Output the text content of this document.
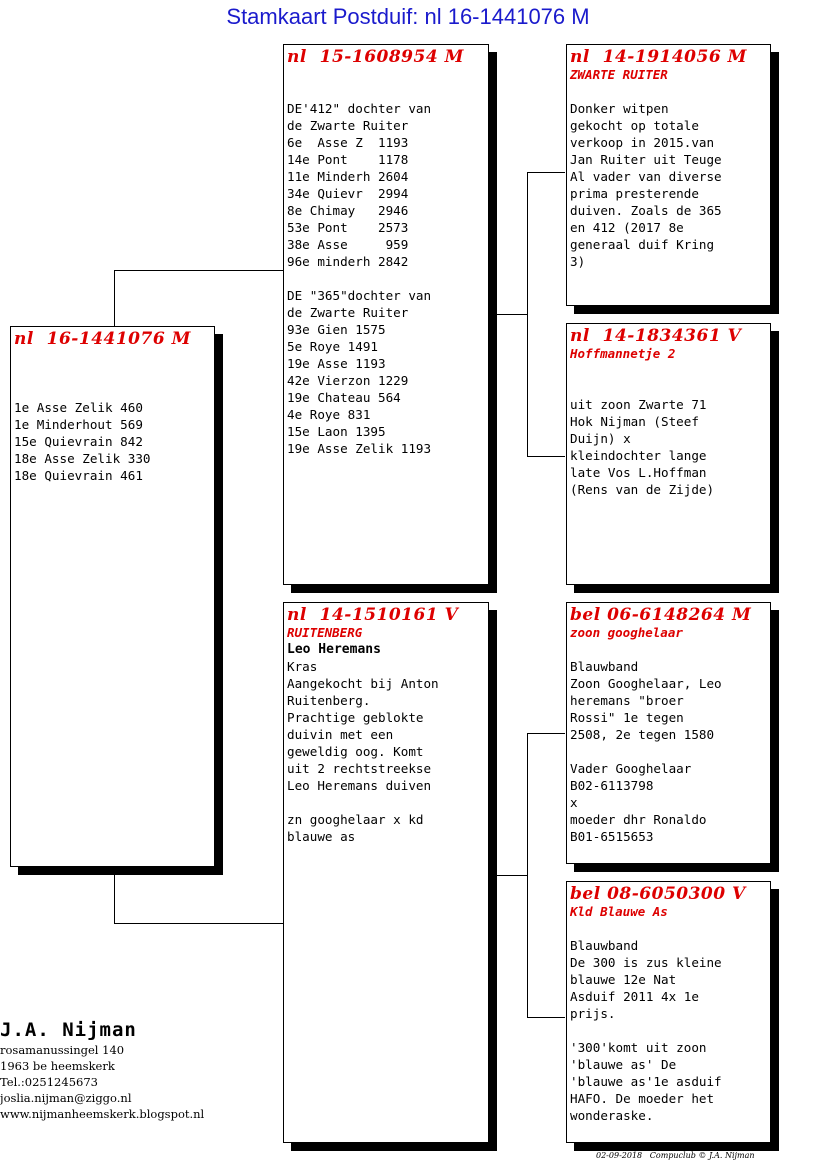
Stamkaart Postduif: nl 16-1441076 M
nl  16-1441076 M

1e Asse Zelik 460
1e Minderhout 569
15e Quievrain 842
18e Asse Zelik 330
18e Quievrain 461
nl  15-1608954 M

DE'412" dochter van
de Zwarte Ruiter
6e  Asse Z  1193
14e Pont    1178
11e Minderh 2604
34e Quievr  2994
8e Chimay   2946
53e Pont    2573
38e Asse     959
96e minderh 2842

DE "365"dochter van
de Zwarte Ruiter
93e Gien 1575
5e Roye 1491
19e Asse 1193
42e Vierzon 1229
19e Chateau 564
4e Roye 831
15e Laon 1395
19e Asse Zelik 1193
nl  14-1510161 V
RUITENBERG
Leo Heremans
Kras
Aangekocht bij Anton
Ruitenberg.
Prachtige geblokte
duivin met een
geweldig oog. Komt
uit 2 rechtstreekse
Leo Heremans duiven

zn googhelaar x kd
blauwe as
nl  14-1914056 M
ZWARTE RUITER

Donker witpen
gekocht op totale
verkoop in 2015.van
Jan Ruiter uit Teuge
Al vader van diverse
prima presterende
duiven. Zoals de 365
en 412 (2017 8e
generaal duif Kring
3)
nl  14-1834361 V
Hoffmannetje 2

uit zoon Zwarte 71
Hok Nijman (Steef
Duijn) x
kleindochter lange
late Vos L.Hoffman
(Rens van de Zijde)
bel 06-6148264 M
zoon googhelaar

Blauwband
Zoon Googhelaar, Leo
heremans "broer
Rossi" 1e tegen
2508, 2e tegen 1580

Vader Googhelaar
B02-6113798
x
moeder dhr Ronaldo
B01-6515653
bel 08-6050300 V
Kld Blauwe As

Blauwband
De 300 is zus kleine
blauwe 12e Nat
Asduif 2011 4x 1e
prijs.

'300'komt uit zoon
'blauwe as' De
'blauwe as'1e asduif
HAFO. De moeder het
wonderaske.
J.A. Nijman
rosamanussingel 140
1963 be heemskerk
Tel.:0251245673
joslia.nijman@ziggo.nl
www.nijmanheemskerk.blogspot.nl
02-09-2018   Compuclub © J.A. Nijman
